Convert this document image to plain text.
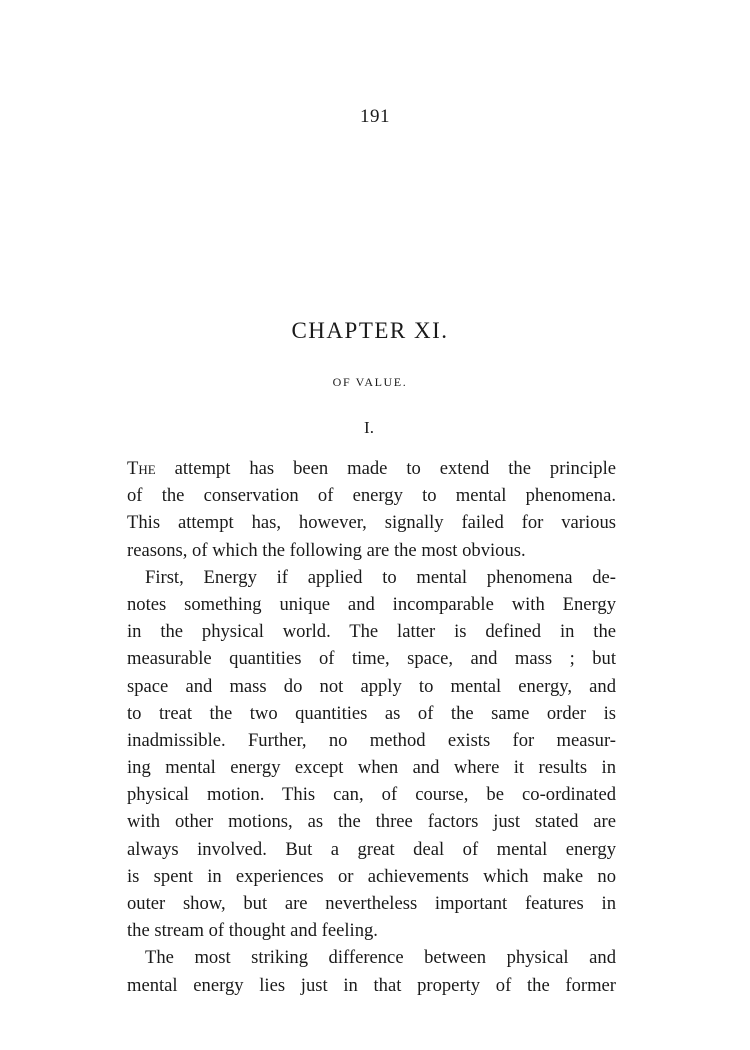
191
CHAPTER XI.
OF VALUE.
I.
The attempt has been made to extend the principle
of the conservation of energy to mental phenomena.
This attempt has, however, signally failed for various
reasons, of which the following are the most obvious.
First, Energy if applied to mental phenomena de-
notes something unique and incomparable with Energy
in the physical world. The latter is defined in the
measurable quantities of time, space, and mass ; but
space and mass do not apply to mental energy, and
to treat the two quantities as of the same order is
inadmissible. Further, no method exists for measur-
ing mental energy except when and where it results in
physical motion. This can, of course, be co-ordinated
with other motions, as the three factors just stated are
always involved. But a great deal of mental energy
is spent in experiences or achievements which make no
outer show, but are nevertheless important features in
the stream of thought and feeling.
The most striking difference between physical and
mental energy lies just in that property of the former
